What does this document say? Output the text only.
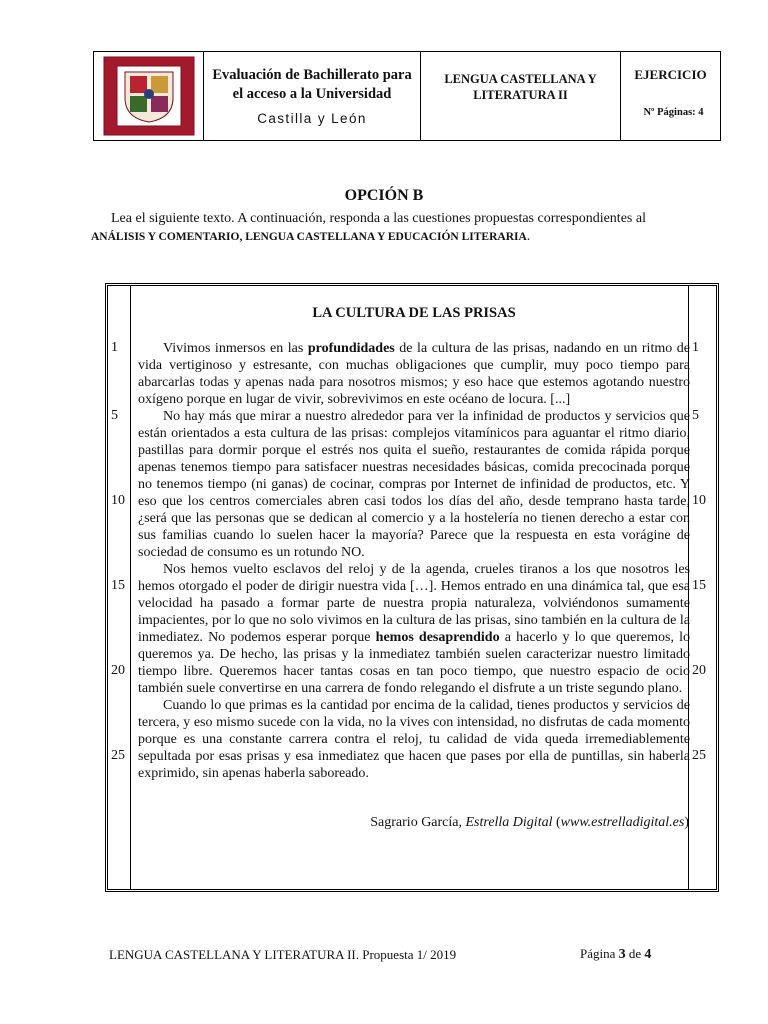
Evaluación de Bachillerato para
el acceso a la Universidad
Castilla y León
LENGUA CASTELLANA Y
LITERATURA II
EJERCICIO
Nº Páginas: 4
OPCIÓN B
Lea el siguiente texto. A continuación, responda a las cuestiones propuestas correspondientes al
ANÁLISIS Y COMENTARIO, LENGUA CASTELLANA Y EDUCACIÓN LITERARIA.
1
5
10
15
20
25
LA CULTURA DE LAS PRISAS

Vivimos inmersos en las profundidades de la cultura de las prisas, nadando en un ritmo de vida vertiginoso y estresante, con muchas obligaciones que cumplir, muy poco tiempo para abarcarlas todas y apenas nada para nosotros mismos; y eso hace que estemos agotando nuestro oxígeno porque en lugar de vivir, sobrevivimos en este océano de locura. [...]

No hay más que mirar a nuestro alrededor para ver la infinidad de productos y servicios que están orientados a esta cultura de las prisas: complejos vitamínicos para aguantar el ritmo diario, pastillas para dormir porque el estrés nos quita el sueño, restaurantes de comida rápida porque apenas tenemos tiempo para satisfacer nuestras necesidades básicas, comida precocinada porque no tenemos tiempo (ni ganas) de cocinar, compras por Internet de infinidad de productos, etc. Y eso que los centros comerciales abren casi todos los días del año, desde temprano hasta tarde, ¿será que las personas que se dedican al comercio y a la hostelería no tienen derecho a estar con sus familias cuando lo suelen hacer la mayoría? Parece que la respuesta en esta vorágine de sociedad de consumo es un rotundo NO.

Nos hemos vuelto esclavos del reloj y de la agenda, crueles tiranos a los que nosotros les hemos otorgado el poder de dirigir nuestra vida […]. Hemos entrado en una dinámica tal, que esa velocidad ha pasado a formar parte de nuestra propia naturaleza, volviéndonos sumamente impacientes, por lo que no solo vivimos en la cultura de las prisas, sino también en la cultura de la inmediatez. No podemos esperar porque hemos desaprendido a hacerlo y lo que queremos, lo queremos ya. De hecho, las prisas y la inmediatez también suelen caracterizar nuestro limitado tiempo libre. Queremos hacer tantas cosas en tan poco tiempo, que nuestro espacio de ocio también suele convertirse en una carrera de fondo relegando el disfrute a un triste segundo plano.

Cuando lo que primas es la cantidad por encima de la calidad, tienes productos y servicios de tercera, y eso mismo sucede con la vida, no la vives con intensidad, no disfrutas de cada momento porque es una constante carrera contra el reloj, tu calidad de vida queda irremediablemente sepultada por esas prisas y esa inmediatez que hacen que pases por ella de puntillas, sin haberla exprimido, sin apenas haberla saboreado.

Sagrario García, Estrella Digital (www.estrelladigital.es)
1
5
10
15
20
25
LENGUA CASTELLANA Y LITERATURA II. Propuesta 1/ 2019	Página 3 de 4
